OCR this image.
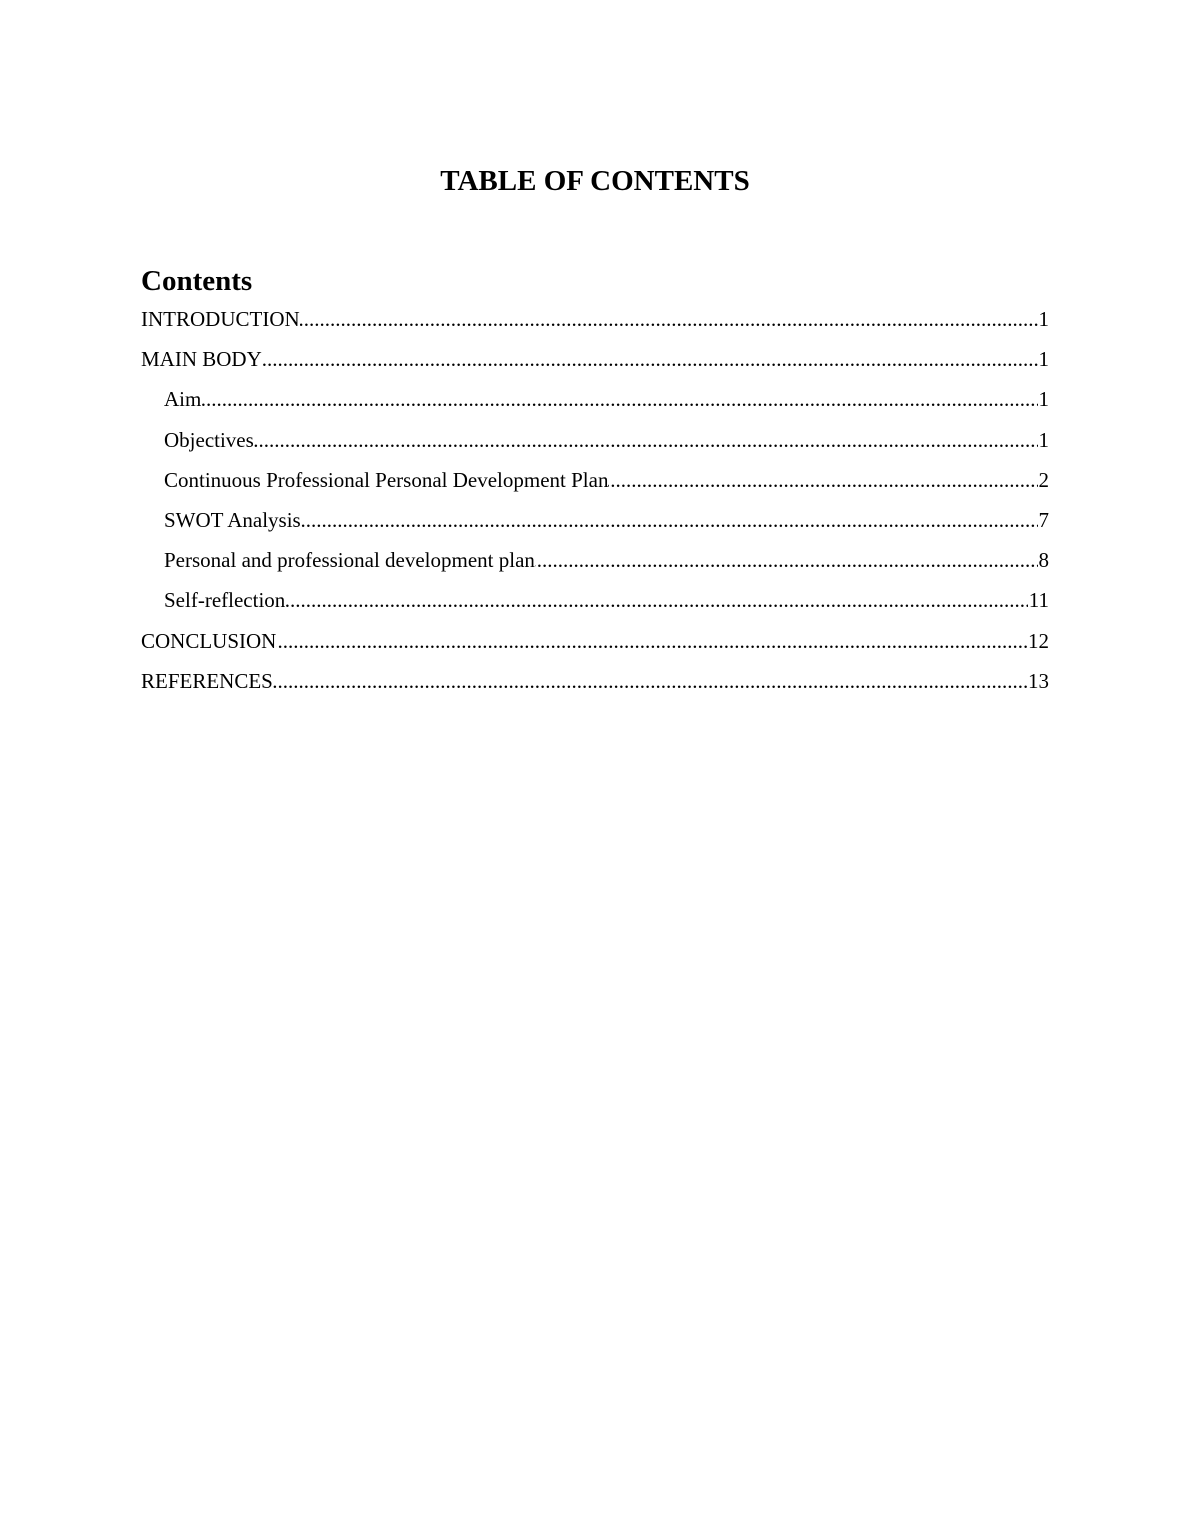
TABLE OF CONTENTS
Contents
.....
INTRODUCTION	1
.....
MAIN BODY	1
.....
Aim	1
.....
Objectives	1
.....
Continuous Professional Personal Development Plan	2
.....
SWOT Analysis	7
.....
Personal and professional development plan	8
.....
Self-reflection	11
.....
CONCLUSION	12
.....
REFERENCES	13
